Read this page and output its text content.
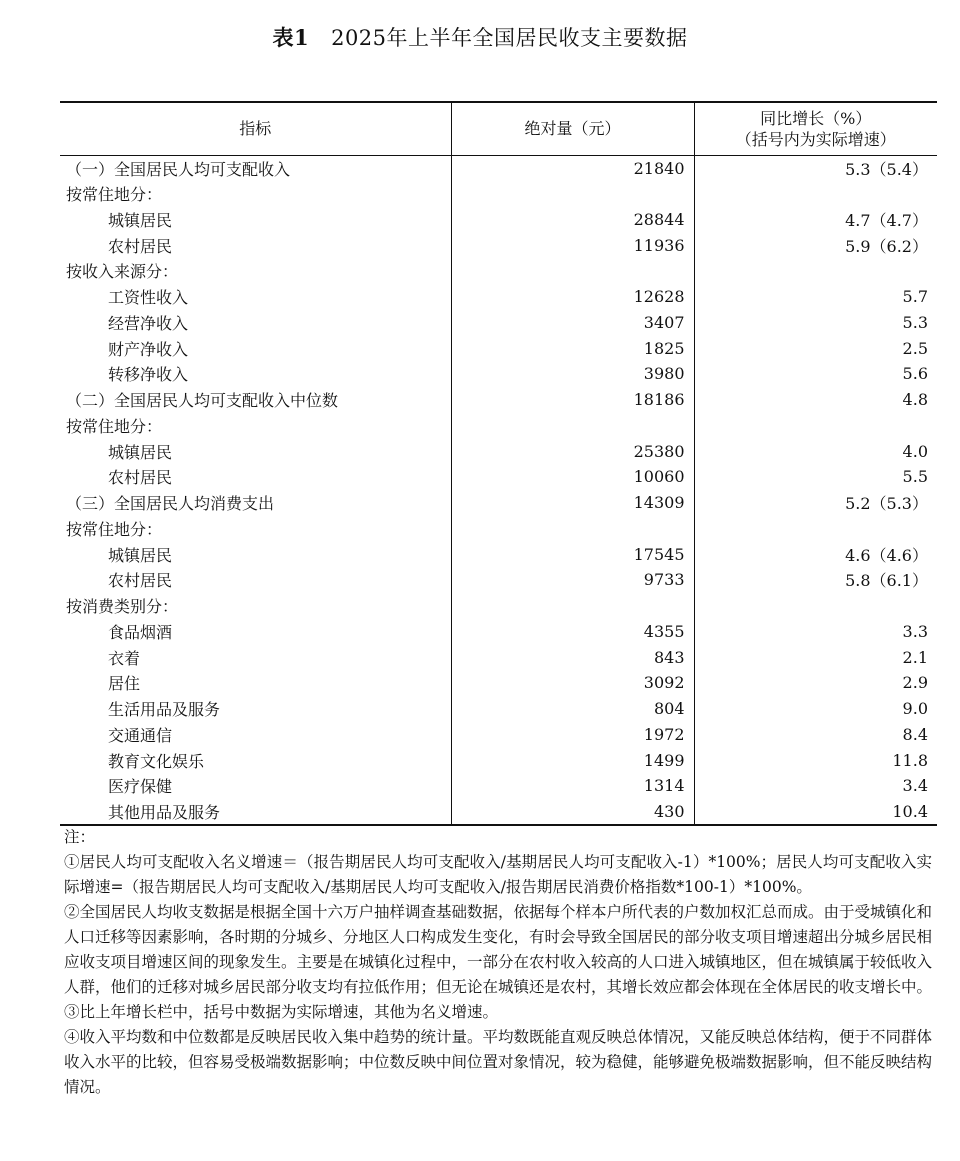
表1 2025年上半年全国居民收支主要数据
指标	绝对量（元）	同比增长（%）
（括号内为实际增速）

（一）全国居民人均可支配收入	21840	5.3（5.4）
按常住地分：		
城镇居民	28844	4.7（4.7）
农村居民	11936	5.9（6.2）
按收入来源分：		
工资性收入	12628	5.7
经营净收入	3407	5.3
财产净收入	1825	2.5
转移净收入	3980	5.6
（二）全国居民人均可支配收入中位数	18186	4.8
按常住地分：		
城镇居民	25380	4.0
农村居民	10060	5.5
（三）全国居民人均消费支出	14309	5.2（5.3）
按常住地分：		
城镇居民	17545	4.6（4.6）
农村居民	9733	5.8（6.1）
按消费类别分：		
食品烟酒	4355	3.3
衣着	843	2.1
居住	3092	2.9
生活用品及服务	804	9.0
交通通信	1972	8.4
教育文化娱乐	1499	11.8
医疗保健	1314	3.4
其他用品及服务	430	10.4

注：

①居民人均可支配收入名义增速＝（报告期居民人均可支配收入/基期居民人均可支配收入-1）*100%；居民人均可支配收入实际增速=（报告期居民人均可支配收入/基期居民人均可支配收入/报告期居民消费价格指数*100-1）*100%。

②全国居民人均收支数据是根据全国十六万户抽样调查基础数据，依据每个样本户所代表的户数加权汇总而成。由于受城镇化和人口迁移等因素影响，各时期的分城乡、分地区人口构成发生变化，有时会导致全国居民的部分收支项目增速超出分城乡居民相应收支项目增速区间的现象发生。主要是在城镇化过程中，一部分在农村收入较高的人口进入城镇地区，但在城镇属于较低收入人群，他们的迁移对城乡居民部分收支均有拉低作用；但无论在城镇还是农村，其增长效应都会体现在全体居民的收支增长中。

③比上年增长栏中，括号中数据为实际增速，其他为名义增速。

④收入平均数和中位数都是反映居民收入集中趋势的统计量。平均数既能直观反映总体情况，又能反映总体结构，便于不同群体收入水平的比较，但容易受极端数据影响；中位数反映中间位置对象情况，较为稳健，能够避免极端数据影响，但不能反映结构情况。
